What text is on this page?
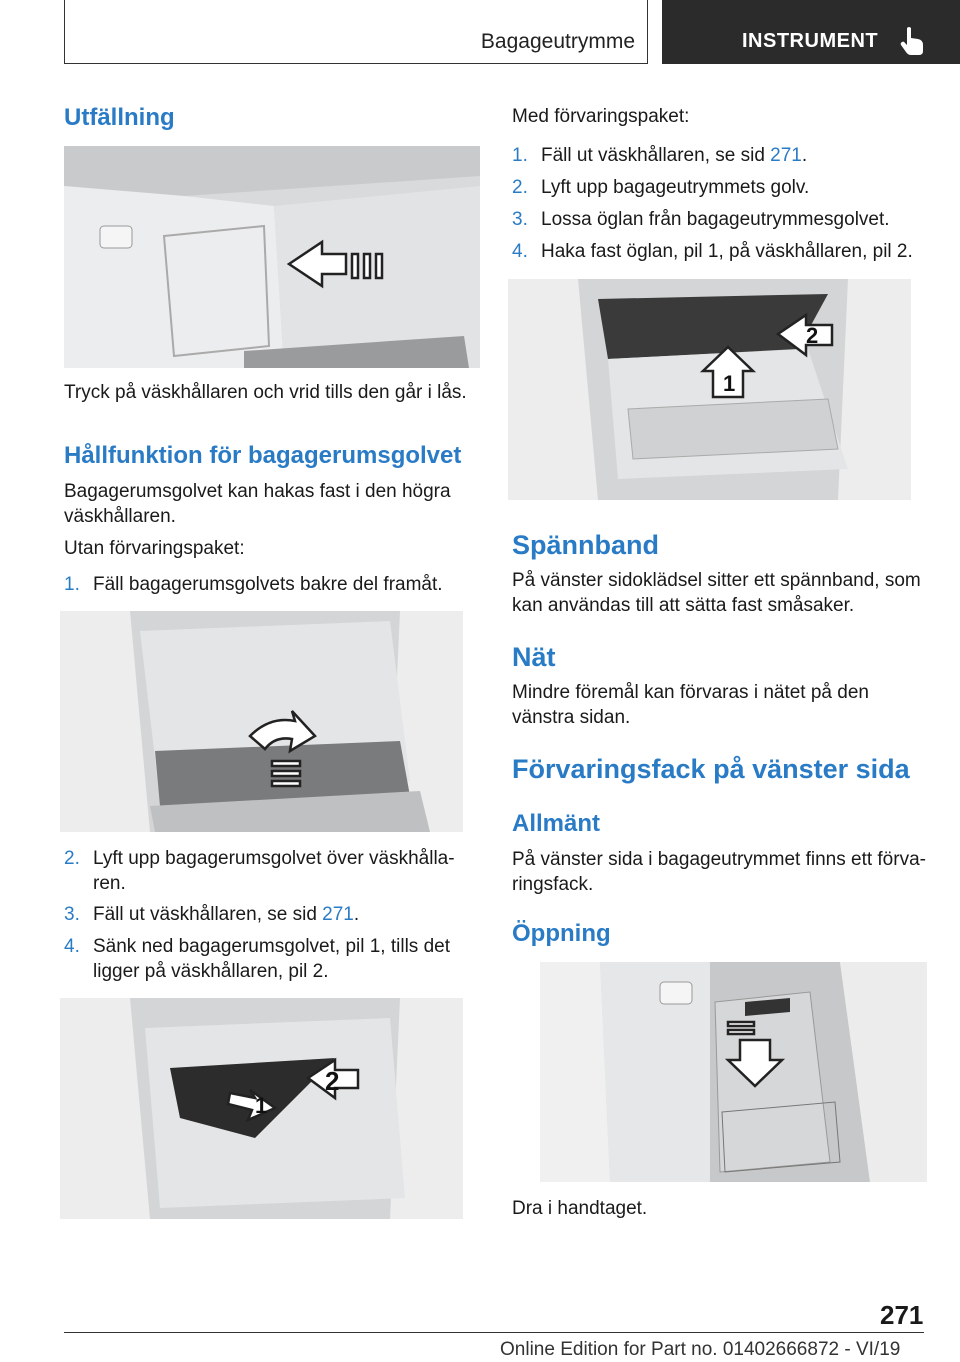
Bagageutrymme	INSTRUMENT
Utfällning

Tryck på väskhållaren och vrid tills den går i lås.

Hållfunktion för bagagerumsgolvet

Bagagerumsgolvet kan hakas fast i den högra

väskhållaren.

Utan förvaringspaket:

1. Fäll bagagerumsgolvets bakre del framåt.
2. Lyft upp bagagerumsgolvet över väskhålla‐
ren.
3. Fäll ut väskhållaren, se sid 271.
4. Sänk ned bagagerumsgolvet, pil 1, tills det
ligger på väskhållaren, pil 2.
2
1

Med förvaringspaket:

1. Fäll ut väskhållaren, se sid 271.
2. Lyft upp bagageutrymmets golv.
3. Lossa öglan från bagageutrymmesgolvet.
4. Haka fast öglan, pil 1, på väskhållaren, pil 2.
2
1
Spännband

På vänster sidoklädsel sitter ett spännband, som

kan användas till att sätta fast småsaker.

Nät

Mindre föremål kan förvaras i nätet på den

vänstra sidan.

Förvaringsfack på vänster sida
Allmänt

På vänster sida i bagageutrymmet finns ett förva‐

ringsfack.

Öppning

Dra i handtaget.

271
Online Edition for Part no. 01402666872 - VI/19
